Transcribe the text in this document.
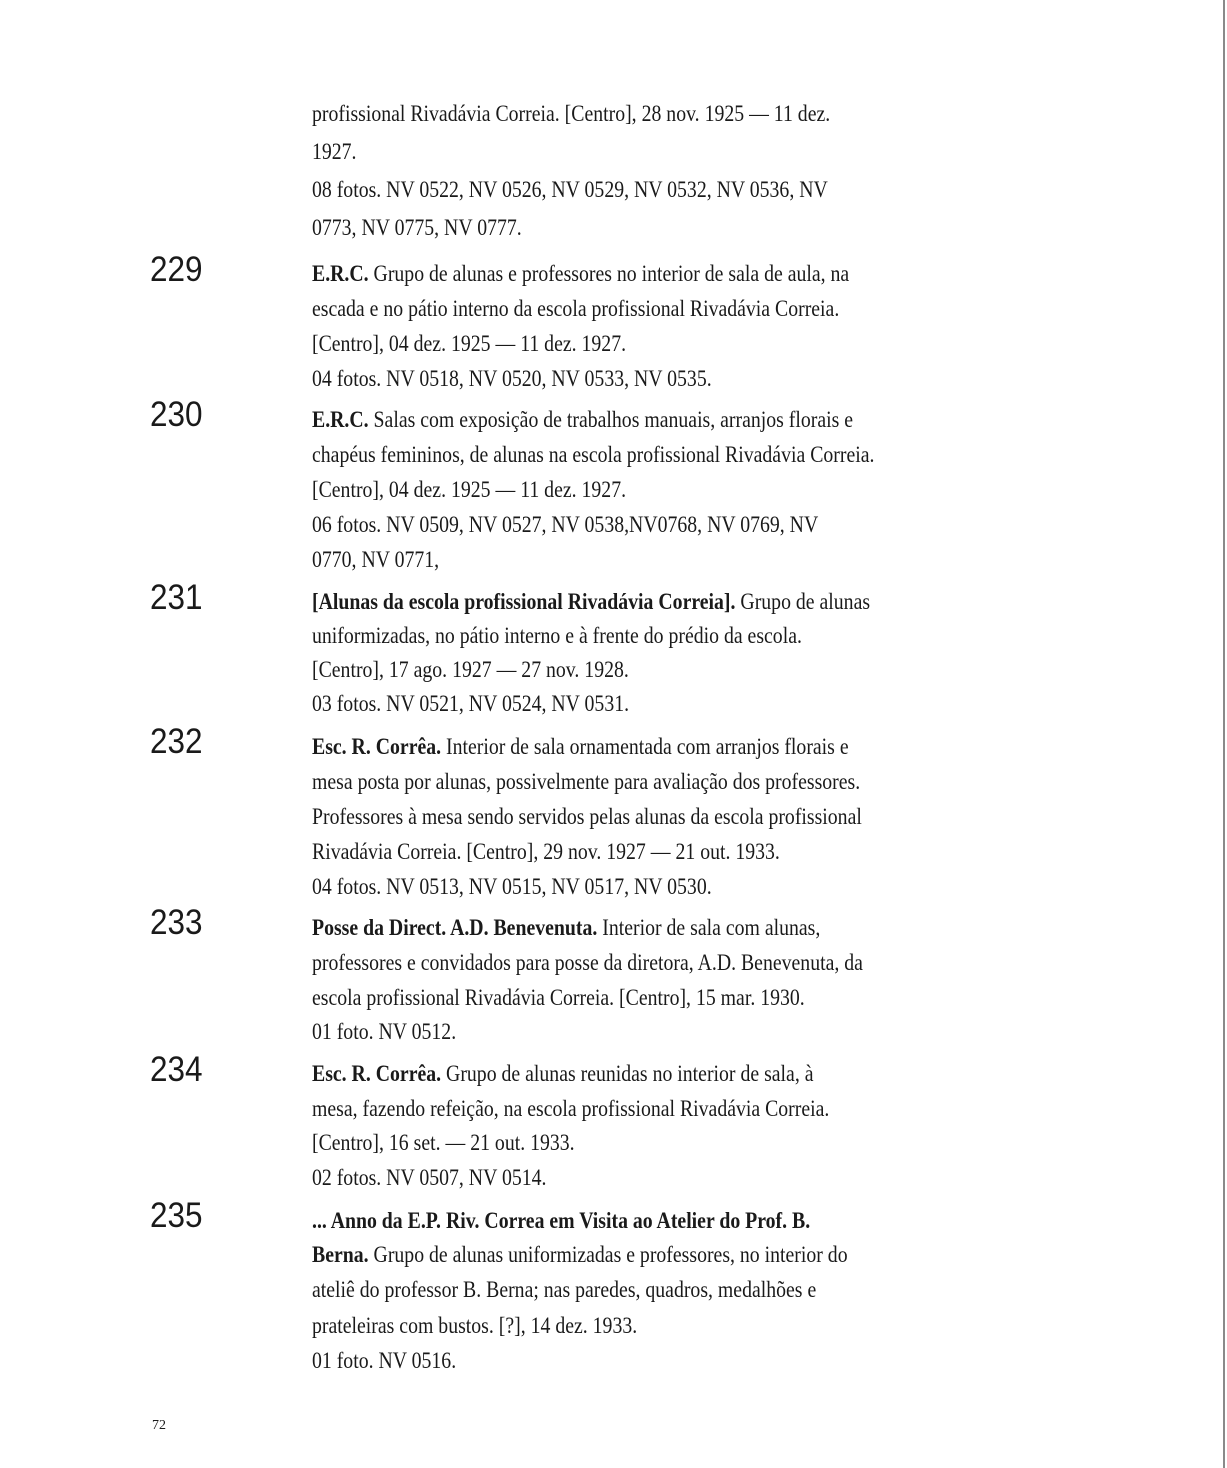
profissional Rivadávia Correia. [Centro], 28 nov. 1925 — 11 dez.
1927.
08 fotos. NV 0522, NV 0526, NV 0529, NV 0532, NV 0536, NV
0773, NV 0775, NV 0777.
229	E.R.C. Grupo de alunas e professores no interior de sala de aula, na
escada e no pátio interno da escola profissional Rivadávia Correia.
[Centro], 04 dez. 1925 — 11 dez. 1927.
04 fotos. NV 0518, NV 0520, NV 0533, NV 0535.
230	E.R.C. Salas com exposição de trabalhos manuais, arranjos florais e
chapéus femininos, de alunas na escola profissional Rivadávia Correia.
[Centro], 04 dez. 1925 — 11 dez. 1927.
06 fotos. NV 0509, NV 0527, NV 0538,NV0768, NV 0769, NV
0770, NV 0771,
231	[Alunas da escola profissional Rivadávia Correia]. Grupo de alunas
uniformizadas, no pátio interno e à frente do prédio da escola.
[Centro], 17 ago. 1927 — 27 nov. 1928.
03 fotos. NV 0521, NV 0524, NV 0531.
232	Esc. R. Corrêa. Interior de sala ornamentada com arranjos florais e
mesa posta por alunas, possivelmente para avaliação dos professores.
Professores à mesa sendo servidos pelas alunas da escola profissional
Rivadávia Correia. [Centro], 29 nov. 1927 — 21 out. 1933.
04 fotos. NV 0513, NV 0515, NV 0517, NV 0530.
233	Posse da Direct. A.D. Benevenuta. Interior de sala com alunas,
professores e convidados para posse da diretora, A.D. Benevenuta, da
escola profissional Rivadávia Correia. [Centro], 15 mar. 1930.
01 foto. NV 0512.
234	Esc. R. Corrêa. Grupo de alunas reunidas no interior de sala, à
mesa, fazendo refeição, na escola profissional Rivadávia Correia.
[Centro], 16 set. — 21 out. 1933.
02 fotos. NV 0507, NV 0514.
235	... Anno da E.P. Riv. Correa em Visita ao Atelier do Prof. B.
Berna. Grupo de alunas uniformizadas e professores, no interior do
ateliê do professor B. Berna; nas paredes, quadros, medalhões e
prateleiras com bustos. [?], 14 dez. 1933.
01 foto. NV 0516.
72
